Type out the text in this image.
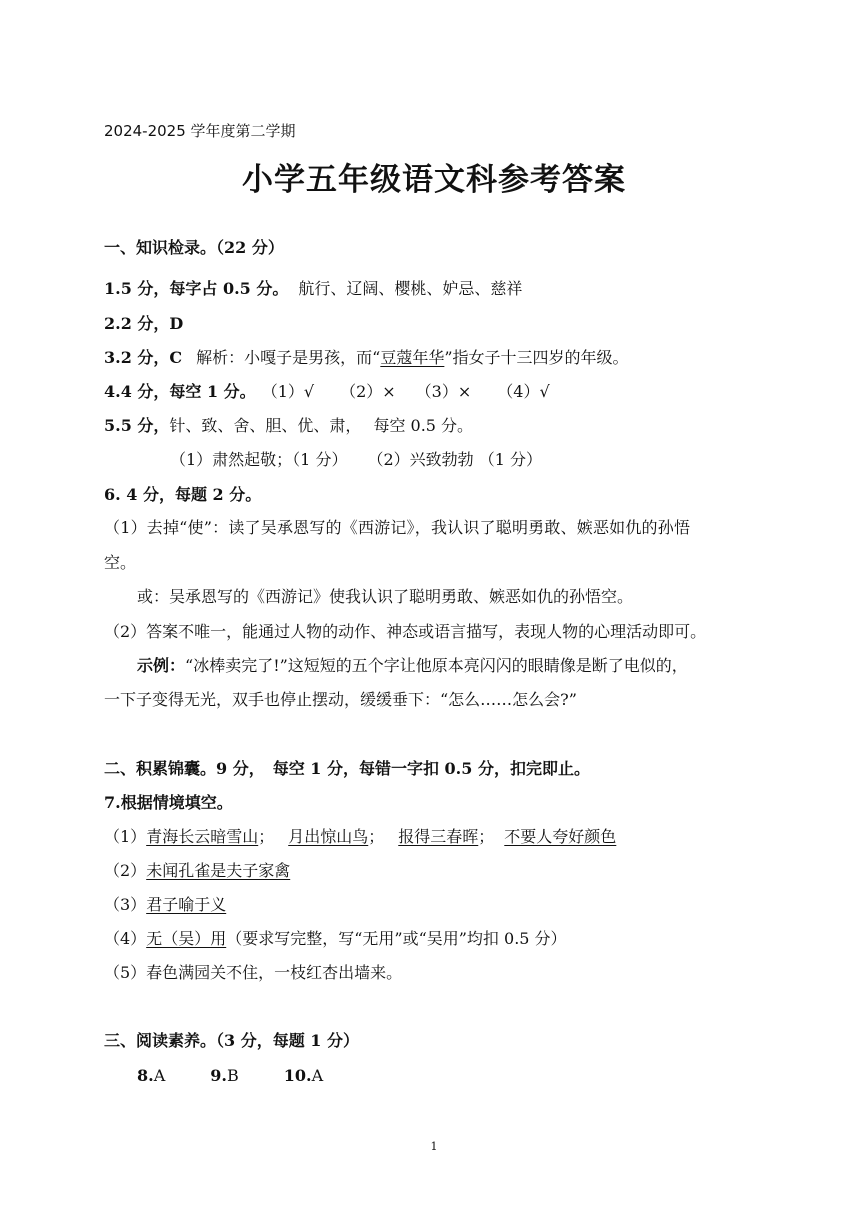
2024-2025 学年度第二学期
小学五年级语文科参考答案
一、知识检录。（22 分）
1.5 分，每字占 0.5 分。 航行、辽阔、樱桃、妒忌、慈祥
2.2 分，D
3.2 分，C 解析：小嘎子是男孩，而“豆蔻年华”指女子十三四岁的年级。
4.4 分，每空 1 分。 （1）√ （2）× （3）× （4）√
5.5 分，针、致、舍、胆、优、肃， 每空 0.5 分。
（1）肃然起敬；（1 分） （2）兴致勃勃 （1 分）
6. 4 分，每题 2 分。
（1）去掉“使”：读了吴承恩写的《西游记》，我认识了聪明勇敢、嫉恶如仇的孙悟
空。
或：吴承恩写的《西游记》使我认识了聪明勇敢、嫉恶如仇的孙悟空。
（2）答案不唯一，能通过人物的动作、神态或语言描写，表现人物的心理活动即可。
示例：“冰棒卖完了!”这短短的五个字让他原本亮闪闪的眼睛像是断了电似的，
一下子变得无光，双手也停止摆动，缓缓垂下：“怎么……怎么会?”
二、积累锦囊。9 分，　每空 1 分，每错一字扣 0.5 分，扣完即止。
7.根据情境填空。
（1）青海长云暗雪山； 月出惊山鸟； 报得三春晖； 不要人夸好颜色
（2）未闻孔雀是夫子家禽
（3）君子喻于义
（4）无（吴）用（要求写完整，写“无用”或“吴用”均扣 0.5 分）
（5）春色满园关不住，一枝红杏出墙来。
三、阅读素养。（3 分，每题 1 分）
8.A	9.B	10.A
1
